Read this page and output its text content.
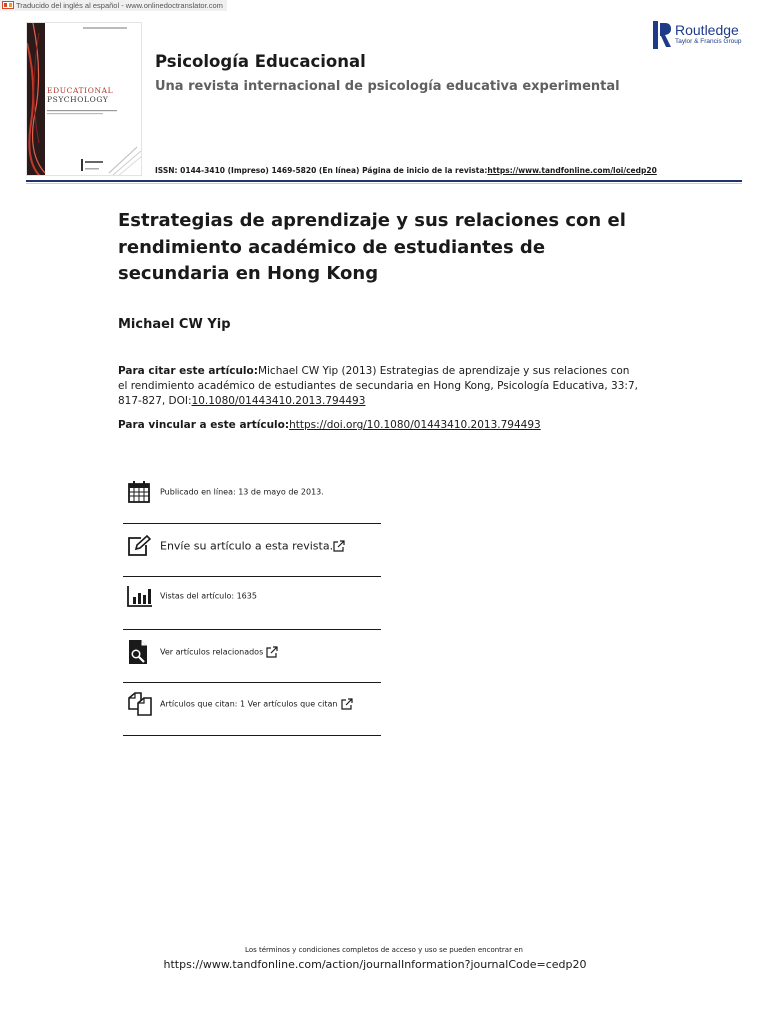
Traducido del inglés al español - www.onlinedoctranslator.com
EDUCATIONAL
PSYCHOLOGY
Psicología Educacional
Una revista internacional de psicología educativa experimental
ISSN: 0144-3410 (Impreso) 1469-5820 (En línea) Página de inicio de la revista:https://www.tandfonline.com/loi/cedp20
Routledge
Taylor & Francis Group
Estrategias de aprendizaje y sus relaciones con el rendimiento académico de estudiantes de secundaria en Hong Kong
Michael CW Yip
Para citar este artículo:Michael CW Yip (2013) Estrategias de aprendizaje y sus relaciones con el rendimiento académico de estudiantes de secundaria en Hong Kong, Psicología Educativa, 33:7, 817-827, DOI:10.1080/01443410.2013.794493
Para vincular a este artículo:https://doi.org/10.1080/01443410.2013.794493
Publicado en línea: 13 de mayo de 2013.
Envíe su artículo a esta revista.
Vistas del artículo: 1635
Ver artículos relacionados
Artículos que citan: 1 Ver artículos que citan
Los términos y condiciones completos de acceso y uso se pueden encontrar en
https://www.tandfonline.com/action/journalInformation?journalCode=cedp20
